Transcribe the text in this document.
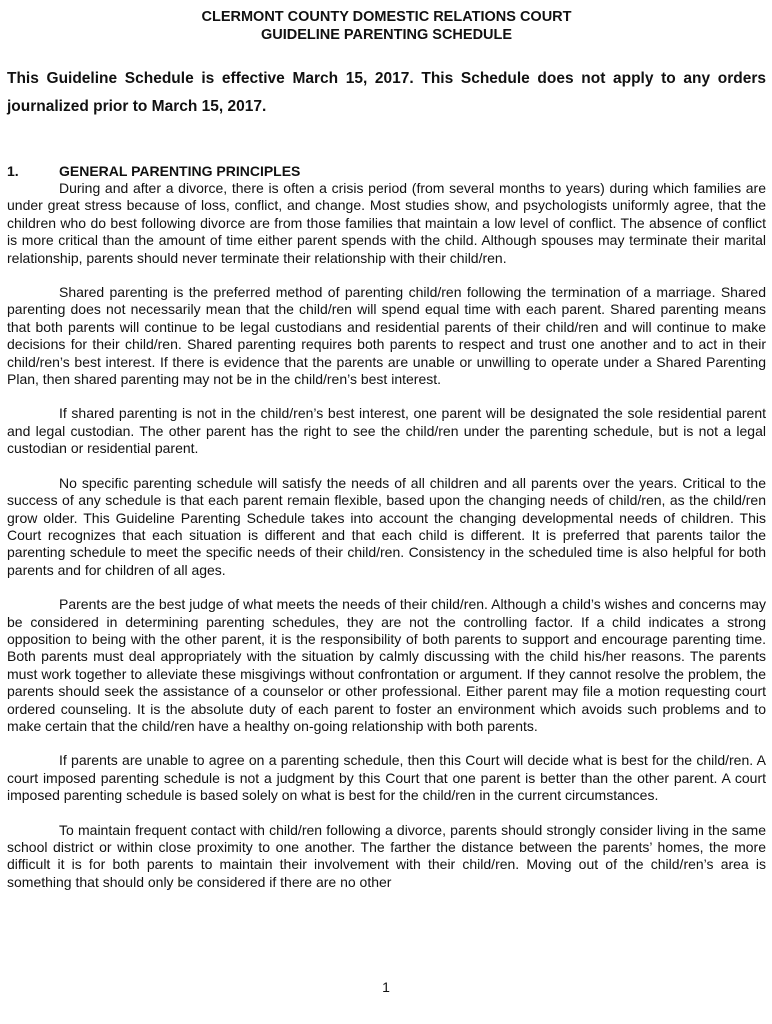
CLERMONT COUNTY DOMESTIC RELATIONS COURT
GUIDELINE PARENTING SCHEDULE

This Guideline Schedule is effective March 15, 2017. This Schedule does not apply to any orders journalized prior to March 15, 2017.

1.	GENERAL PARENTING PRINCIPLES

During and after a divorce, there is often a crisis period (from several months to years) during which families are under great stress because of loss, conflict, and change. Most studies show, and psychologists uniformly agree, that the children who do best following divorce are from those families that maintain a low level of conflict. The absence of conflict is more critical than the amount of time either parent spends with the child. Although spouses may terminate their marital relationship, parents should never terminate their relationship with their child/ren.

Shared parenting is the preferred method of parenting child/ren following the termination of a marriage. Shared parenting does not necessarily mean that the child/ren will spend equal time with each parent. Shared parenting means that both parents will continue to be legal custodians and residential parents of their child/ren and will continue to make decisions for their child/ren. Shared parenting requires both parents to respect and trust one another and to act in their child/ren’s best interest. If there is evidence that the parents are unable or unwilling to operate under a Shared Parenting Plan, then shared parenting may not be in the child/ren’s best interest.

If shared parenting is not in the child/ren’s best interest, one parent will be designated the sole residential parent and legal custodian. The other parent has the right to see the child/ren under the parenting schedule, but is not a legal custodian or residential parent.

No specific parenting schedule will satisfy the needs of all children and all parents over the years. Critical to the success of any schedule is that each parent remain flexible, based upon the changing needs of child/ren, as the child/ren grow older. This Guideline Parenting Schedule takes into account the changing developmental needs of children. This Court recognizes that each situation is different and that each child is different. It is preferred that parents tailor the parenting schedule to meet the specific needs of their child/ren. Consistency in the scheduled time is also helpful for both parents and for children of all ages.

Parents are the best judge of what meets the needs of their child/ren. Although a child’s wishes and concerns may be considered in determining parenting schedules, they are not the controlling factor. If a child indicates a strong opposition to being with the other parent, it is the responsibility of both parents to support and encourage parenting time. Both parents must deal appropriately with the situation by calmly discussing with the child his/her reasons. The parents must work together to alleviate these misgivings without confrontation or argument. If they cannot resolve the problem, the parents should seek the assistance of a counselor or other professional. Either parent may file a motion requesting court ordered counseling. It is the absolute duty of each parent to foster an environment which avoids such problems and to make certain that the child/ren have a healthy on-going relationship with both parents.

If parents are unable to agree on a parenting schedule, then this Court will decide what is best for the child/ren. A court imposed parenting schedule is not a judgment by this Court that one parent is better than the other parent. A court imposed parenting schedule is based solely on what is best for the child/ren in the current circumstances.

To maintain frequent contact with child/ren following a divorce, parents should strongly consider living in the same school district or within close proximity to one another. The farther the distance between the parents’ homes, the more difficult it is for both parents to maintain their involvement with their child/ren. Moving out of the child/ren’s area is something that should only be considered if there are no other

1
